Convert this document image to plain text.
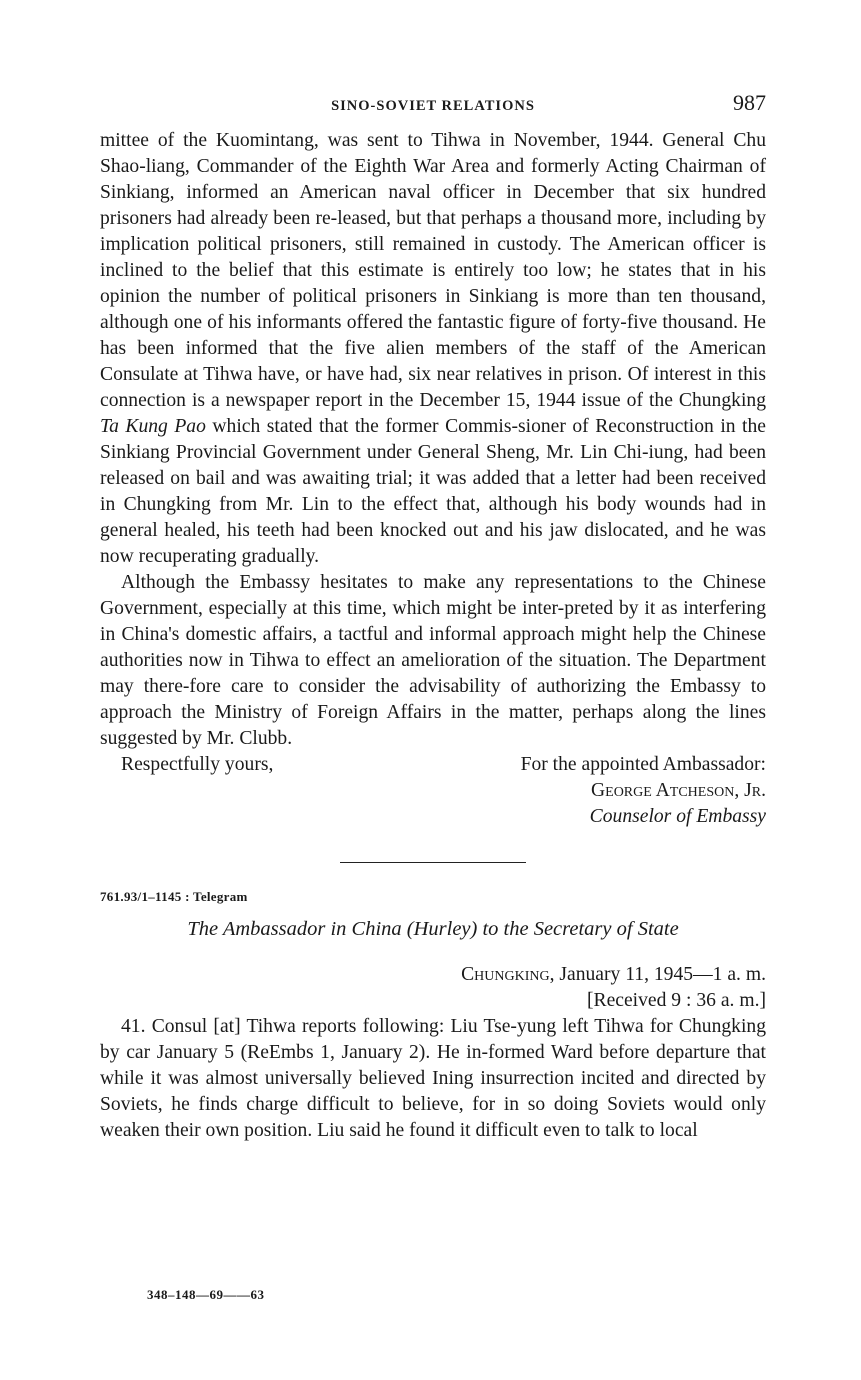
SINO-SOVIET RELATIONS	987

mittee of the Kuomintang, was sent to Tihwa in November, 1944. General Chu Shao-liang, Commander of the Eighth War Area and formerly Acting Chairman of Sinkiang, informed an American naval officer in December that six hundred prisoners had already been re-leased, but that perhaps a thousand more, including by implication political prisoners, still remained in custody. The American officer is inclined to the belief that this estimate is entirely too low; he states that in his opinion the number of political prisoners in Sinkiang is more than ten thousand, although one of his informants offered the fantastic figure of forty-five thousand. He has been informed that the five alien members of the staff of the American Consulate at Tihwa have, or have had, six near relatives in prison. Of interest in this connection is a newspaper report in the December 15, 1944 issue of the Chungking Ta Kung Pao which stated that the former Commis-sioner of Reconstruction in the Sinkiang Provincial Government under General Sheng, Mr. Lin Chi-iung, had been released on bail and was awaiting trial; it was added that a letter had been received in Chungking from Mr. Lin to the effect that, although his body wounds had in general healed, his teeth had been knocked out and his jaw dislocated, and he was now recuperating gradually.

Although the Embassy hesitates to make any representations to the Chinese Government, especially at this time, which might be inter-preted by it as interfering in China's domestic affairs, a tactful and informal approach might help the Chinese authorities now in Tihwa to effect an amelioration of the situation. The Department may there-fore care to consider the advisability of authorizing the Embassy to approach the Ministry of Foreign Affairs in the matter, perhaps along the lines suggested by Mr. Clubb.

Respectfully yours,	For the appointed Ambassador:
George Atcheson, Jr.
Counselor of Embassy
761.93/1–1145 : Telegram
The Ambassador in China (Hurley) to the Secretary of State
Chungking, January 11, 1945—1 a. m.
[Received 9 : 36 a. m.]

41. Consul [at] Tihwa reports following: Liu Tse-yung left Tihwa for Chungking by car January 5 (ReEmbs 1, January 2). He in-formed Ward before departure that while it was almost universally believed Ining insurrection incited and directed by Soviets, he finds charge difficult to believe, for in so doing Soviets would only weaken their own position. Liu said he found it difficult even to talk to local

348–148—69——63
